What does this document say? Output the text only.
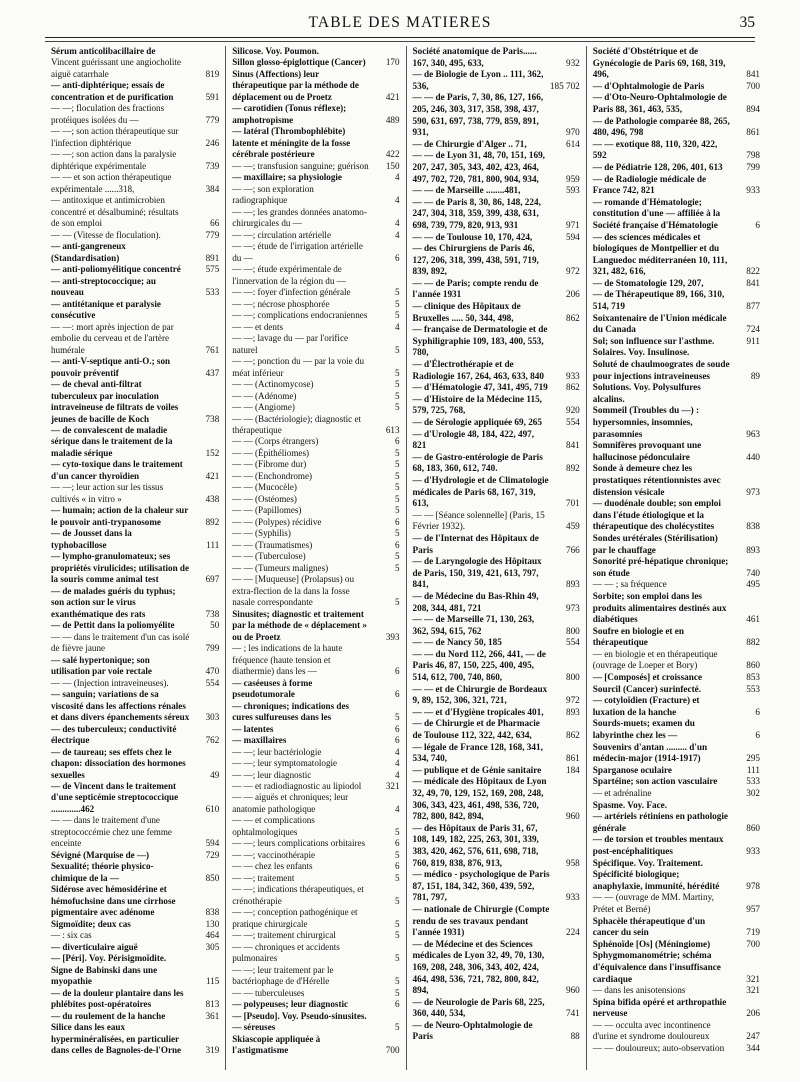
TABLE DES MATIERES	35
Sérum anticolibacillaire de
Vincent guérissant une angiocholite aiguë catarrhale	819
— anti-diphtérique; essais de concentration et de purification	591
— —; floculation des fractions protéiques isolées du —	779
— —; son action thérapeutique sur l'infection diphtérique	246
— —; son action dans la paralysie diphtérique expérimentale	739
— — et son action thérapeutique expérimentale ......318,	384
— antitoxique et antimicrobien concentré et désalbuminé; résultats de son emploi	66
— — (Vitesse de floculation).	779
— anti-gangreneux (Standardisation)	891
— anti-poliomyélitique concentré	575
— anti-streptococcique; au nouveau	533
— antitétanique et paralysie consécutive
— —: mort après injection de par embolie du cerveau et de l'artère humérale	761
— anti-V-septique anti-O.; son pouvoir préventif	437
— de cheval anti-filtrat tuberculeux par inoculation intraveineuse de filtrats de voiles jeunes de bacille de Koch	738
— de convalescent de maladie sérique dans le traitement de la maladie sérique	152
— cyto-toxique dans le traitement d'un cancer thyroïdien	421
— —; leur action sur les tissus cultivés « in vitro »	438
— humain; action de la chaleur sur le pouvoir anti-trypanosome	892
— de Jousset dans la typhobacillose	111
— lympho-granulomateux; ses propriétés virulicides; utilisation de la souris comme animal test	697
— de malades guéris du typhus; son action sur le virus exanthématique des rats	738
— de Pettit dans la poliomyélite	50
— — dans le traitement d'un cas isolé de fièvre jaune	799
— salé hypertonique; son utilisation par voie rectale	470
— — (Injection intraveineuses).	554
— sanguin; variations de sa viscosité dans les affections rénales et dans divers épanchements séreux	303
— des tuberculeux; conductivité électrique	762
— de taureau; ses effets chez le chapon: dissociation des hormones sexuelles	49
— de Vincent dans le traitement d'une septicémie streptococcique .............462	610
— — dans le traitement d'une streptococcémie chez une femme enceinte	594
Sévigné (Marquise de —)	729
Sexualité; théorie physico-chimique de la —	850
Sidérose avec hémosidérine et hémofuchsine dans une cirrhose pigmentaire avec adénome	838
Sigmoïdite; deux cas	130
— : six cas	464
— diverticulaire aiguë	305
— [Péri]. Voy. Périsigmoïdite.
Signe de Babinski dans une myopathie	115
— de la douleur plantaire dans les phlébites post-opératoires	813
— du roulement de la hanche	361
Silice dans les eaux hyperminéralisées, en particulier dans celles de Bagnoles-de-l'Orne	319
Silicose. Voy. Poumon.
Sillon glosso-épiglottique (Cancer)	170
Sinus (Affections) leur thérapeutique par la méthode de déplacement ou de Proetz	421
— carotidien (Tonus réflexe); amphotropisme	489
— latéral (Thrombophlébite) latente et méningite de la fosse cérébrale postérieure	422
— —; transfusion sanguine; guérison	150
— maxillaire; sa physiologie	4
— —; son exploration radiographique	4
— —; les grandes données anatomo-chirurgicales du —	4
— —; circulation artérielle	4
— —; étude de l'irrigation artérielle du —	6
— —; étude expérimentale de l'innervation de la région du —
— —: foyer d'infection générale	5
— —; nécrose phosphorée	5
— —; complications endocraniennes	5
— — et dents	4
— —; lavage du — par l'orifice naturel	5
— —; ponction du — par la voie du méat inférieur	5
— — (Actinomycose)	5
— — (Adénome)	5
— — (Angiome)	5
— — (Bactériologie); diagnostic et thérapeutique	613
— — (Corps étrangers)	6
— — (Épithéliomes)	5
— — (Fibrome dur)	5
— — (Enchondrome)	5
— — (Mucocèle)	5
— — (Ostéomes)	5
— — (Papillomes)	5
— — (Polypes) récidive	6
— — (Syphilis)	5
— — (Traumatismes)	6
— — (Tuberculose)	5
— — (Tumeurs malignes)	5
— — [Muqueuse] (Prolapsus) ou extra-flection de la dans la fosse nasale correspondante	5
Sinusites; diagnostic et traitement par la méthode de « déplacement » ou de Proetz	393
— ; les indications de la haute fréquence (haute tension et diathermie) dans les —	6
— caséeuses à forme pseudotumorale	6
— chroniques; indications des cures sulfureuses dans les	5
— latentes	6
— maxillaires	6
— —; leur bactériologie	4
— —; leur symptomatologie	4
— —; leur diagnostic	4
— — et radiodiagnostic au lipiodol	321
— — aiguës et chroniques; leur anatomie pathologique	4
— — et complications ophtalmologiques	5
— —; leurs complications orbitaires	6
— —; vaccinothérapie	5
— — chez les enfants	6
— —; traitement	5
— —; indications thérapeutiques, et crénothérapie	5
— —; conception pathogénique et pratique chirurgicale	5
— —; traitement chirurgical	5
— — chroniques et accidents pulmonaires	5
— —; leur traitement par le bactériophage de d'Hérelle	5
— — tuberculeuses	5
— polypeuses; leur diagnostic	6
— [Pseudo]. Voy. Pseudo-sinusites.
— séreuses	5
Skiascopie appliquée à l'astigmatisme	700
Société anatomique de Paris...... 167, 340, 495, 633,	932
— de Biologie de Lyon .. 111, 362, 536,	185 702
— — de Paris, 7, 30, 86, 127, 166, 205, 246, 303, 317, 358, 398, 437, 590, 631, 697, 738, 779, 859, 891, 931,	970
— de Chirurgie d'Alger .. 71,	614
— — de Lyon 31, 48, 70, 151, 169, 207, 247, 305, 343, 402, 423, 464, 497, 702, 720, 781, 800, 904, 934,	959
— — de Marseille ........481,	593
— — de Paris 8, 30, 86, 148, 224, 247, 304, 318, 359, 399, 438, 631, 698, 739, 779, 820, 913, 931	971
— — de Toulouse 10, 170, 424,	594
— des Chirurgiens de Paris 46, 127, 206, 318, 399, 438, 591, 719, 839, 892,	972
— — de Paris; compte rendu de l'année 1931	206
— clinique des Hôpitaux de Bruxelles ..... 50, 344, 498,	862
— française de Dermatologie et de Syphiligraphie 109, 183, 400, 553, 780,
— d'Électrothérapie et de Radiologie 167, 264, 463, 633, 840	933
— d'Hématologie 47, 341, 495, 719	862
— d'Histoire de la Médecine 115, 579, 725, 768,	920
— de Sérologie appliquée 69, 265	554
— d'Urologie 48, 184, 422, 497, 821	841
— de Gastro-entérologie de Paris 68, 183, 360, 612, 740.	892
— d'Hydrologie et de Climatologie médicales de Paris 68, 167, 319, 613,	701
— — [Séance solennelle] (Paris, 15 Février 1932).	459
— de l'Internat des Hôpitaux de Paris	766
— de Laryngologie des Hôpitaux de Paris, 150, 319, 421, 613, 797, 841,	893
— de Médecine du Bas-Rhin 49, 208, 344, 481, 721	973
— — de Marseille 71, 130, 263, 362, 594, 615, 762	800
— — de Nancy 50, 185	554
— — du Nord 112, 266, 441, — de Paris 46, 87, 150, 225, 400, 495, 514, 612, 700, 740, 860,	800
— — et de Chirurgie de Bordeaux 9, 89, 152, 306, 321, 721,	972
— — et d'Hygiène tropicales 401,	893
— de Chirurgie et de Pharmacie de Toulouse 112, 322, 442, 634,	862
— légale de France 128, 168, 341, 534, 740,	861
— publique et de Génie sanitaire	184
— médicale des Hôpitaux de Lyon 32, 49, 70, 129, 152, 169, 208, 248, 306, 343, 423, 461, 498, 536, 720, 782, 800, 842, 894,	960
— des Hôpitaux de Paris 31, 67, 108, 149, 182, 225, 263, 301, 339, 383, 420, 462, 576, 611, 698, 718, 760, 819, 838, 876, 913,	958
— médico - psychologique de Paris 87, 151, 184, 342, 360, 439, 592, 781, 797,	933
— nationale de Chirurgie (Compte rendu de ses travaux pendant l'année 1931)	224
— de Médecine et des Sciences médicales de Lyon 32, 49, 70, 130, 169, 208, 248, 306, 343, 402, 424, 464, 498, 536, 721, 782, 800, 842, 894,	960
— de Neurologie de Paris 68, 225, 360, 440, 534,	741
— de Neuro-Ophtalmologie de Paris	88
Société d'Obstétrique et de Gynécologie de Paris 69, 168, 319, 496,	841
— d'Ophtalmologie de Paris	700
— d'Oto-Neuro-Ophtalmologie de Paris 88, 361, 463, 535,	894
— de Pathologie comparée 88, 265, 480, 496, 798	861
— — exotique 88, 110, 320, 422, 592	798
— de Pédiatrie 128, 206, 401, 613	799
— de Radiologie médicale de France 742, 821	933
— romande d'Hématologie; constitution d'une — affiliée à la Société française d'Hématologie	6
— des sciences médicales et biologiques de Montpellier et du Languedoc méditerranéen 10, 111, 321, 482, 616,	822
— de Stomatologie 129, 207,	841
— de Thérapeutique 89, 166, 310, 514, 719	877
Soixantenaire de l'Union médicale du Canada	724
Sol; son influence sur l'asthme.	911
Solaires. Voy. Insulinose.
Soluté de chaulmoogrates de soude pour injections intraveineuses	89
Solutions. Voy. Polysulfures alcalins.
Sommeil (Troubles du —) : hypersomnies, insomnies, parasomnies	963
Somnifères provoquant une hallucinose pédonculaire	440
Sonde à demeure chez les prostatiques rétentionnistes avec distension vésicale	973
— duodénale double; son emploi dans l'étude étiologique et la thérapeutique des cholécystites	838
Sondes urétérales (Stérilisation) par le chauffage	893
Sonorité pré-hépatique chronique; son étude	740
— — ; sa fréquence	495
Sorbite; son emploi dans les produits alimentaires destinés aux diabétiques	461
Soufre en biologie et en thérapeutique	882
— en biologie et en thérapeutique (ouvrage de Loeper et Bory)	860
— [Composés] et croissance	853
Sourcil (Cancer) surinfecté.	553
— cotyloïdien (Fracture) et luxation de la hanche	6
Sourds-muets; examen du labyrinthe chez les —	6
Souvenirs d'antan ......... d'un médecin-major (1914-1917)	295
Sparganose oculaire	111
Spartéine; son action vasculaire	533
— et adrénaline	302
Spasme. Voy. Face.
— artériels rétiniens en pathologie générale	860
— de torsion et troubles mentaux post-encéphalitiques	933
Spécifique. Voy. Traitement.
Spécificité biologique; anaphylaxie, immunité, hérédité	978
— — (ouvrage de MM. Martiny, Prétet et Berné)	957
Sphacèle thérapeutique d'un cancer du sein	719
Sphénoïde [Os] (Méningiome)	700
Sphygmomanométrie; schéma d'équivalence dans l'insuffisance cardiaque	321
— dans les anisotensions	321
Spina bifida opéré et arthropathie nerveuse	206
— — occulta avec incontinence d'urine et syndrome douloureux	247
— — douloureux; auto-observation	344
